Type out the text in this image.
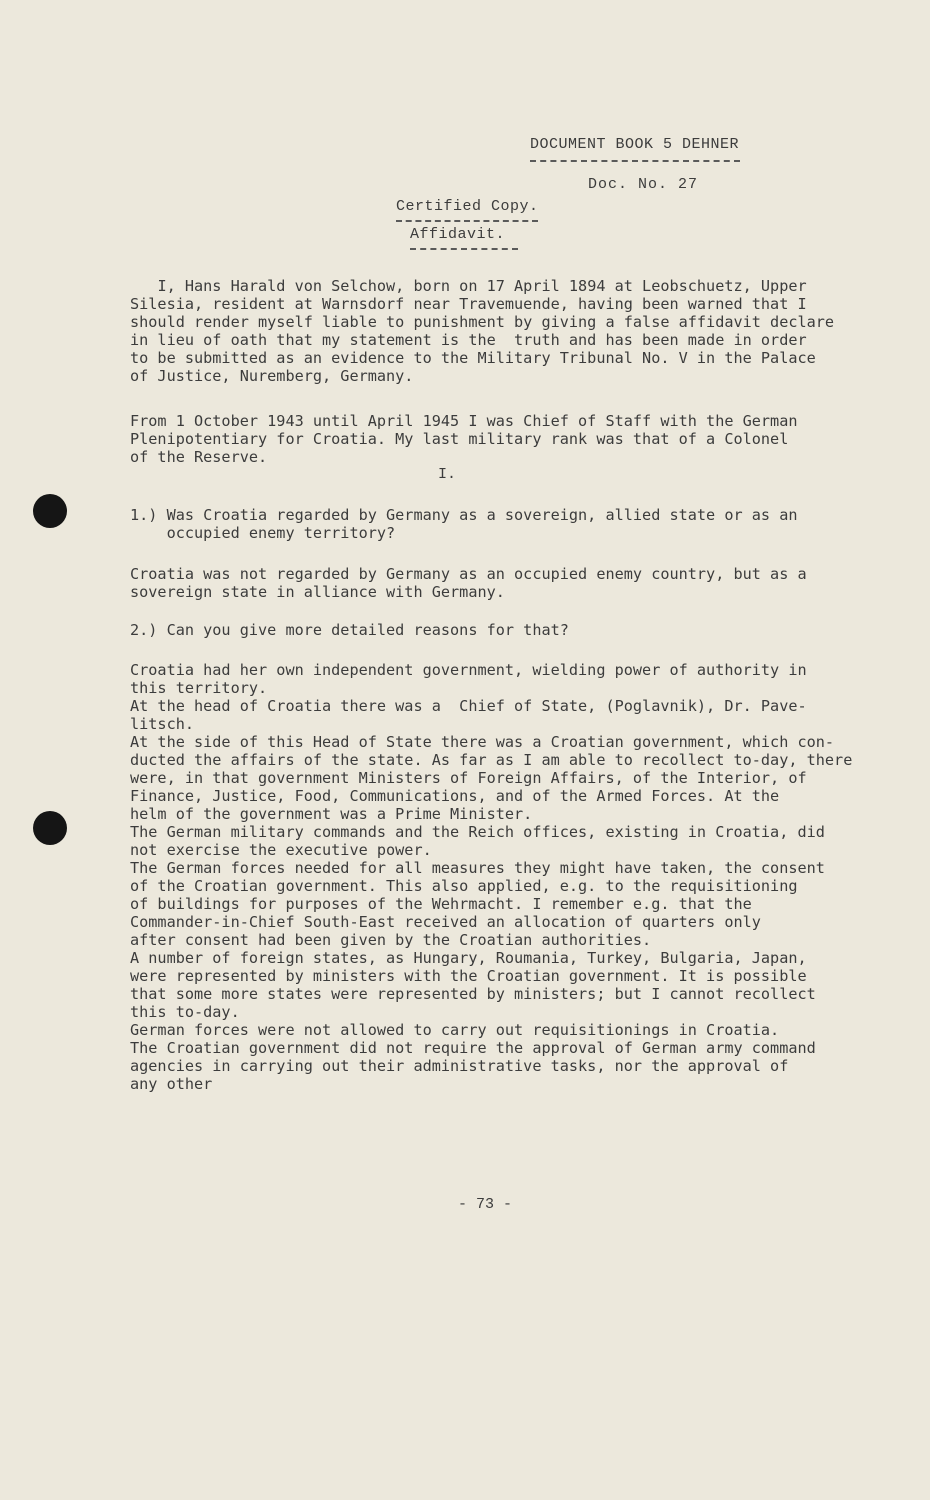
DOCUMENT BOOK 5 DEHNER
Doc. No. 27
Certified Copy.
Affidavit.
I, Hans Harald von Selchow, born on 17 April 1894 at Leobschuetz, Upper
Silesia, resident at Warnsdorf near Travemuende, having been warned that I
should render myself liable to punishment by giving a false affidavit declare
in lieu of oath that my statement is the  truth and has been made in order
to be submitted as an evidence to the Military Tribunal No. V in the Palace
of Justice, Nuremberg, Germany.
From 1 October 1943 until April 1945 I was Chief of Staff with the German
Plenipotentiary for Croatia. My last military rank was that of a Colonel
of the Reserve.
I.
1.) Was Croatia regarded by Germany as a sovereign, allied state or as an
occupied enemy territory?
Croatia was not regarded by Germany as an occupied enemy country, but as a
sovereign state in alliance with Germany.
2.) Can you give more detailed reasons for that?
Croatia had her own independent government, wielding power of authority in
this territory.
At the head of Croatia there was a  Chief of State, (Poglavnik), Dr. Pave-
litsch.
At the side of this Head of State there was a Croatian government, which con-
ducted the affairs of the state. As far as I am able to recollect to-day, there
were, in that government Ministers of Foreign Affairs, of the Interior, of
Finance, Justice, Food, Communications, and of the Armed Forces. At the
helm of the government was a Prime Minister.
The German military commands and the Reich offices, existing in Croatia, did
not exercise the executive power.
The German forces needed for all measures they might have taken, the consent
of the Croatian government. This also applied, e.g. to the requisitioning
of buildings for purposes of the Wehrmacht. I remember e.g. that the
Commander-in-Chief South-East received an allocation of quarters only
after consent had been given by the Croatian authorities.
A number of foreign states, as Hungary, Roumania, Turkey, Bulgaria, Japan,
were represented by ministers with the Croatian government. It is possible
that some more states were represented by ministers; but I cannot recollect
this to-day.
German forces were not allowed to carry out requisitionings in Croatia.
The Croatian government did not require the approval of German army command
agencies in carrying out their administrative tasks, nor the approval of
any other
- 73 -
